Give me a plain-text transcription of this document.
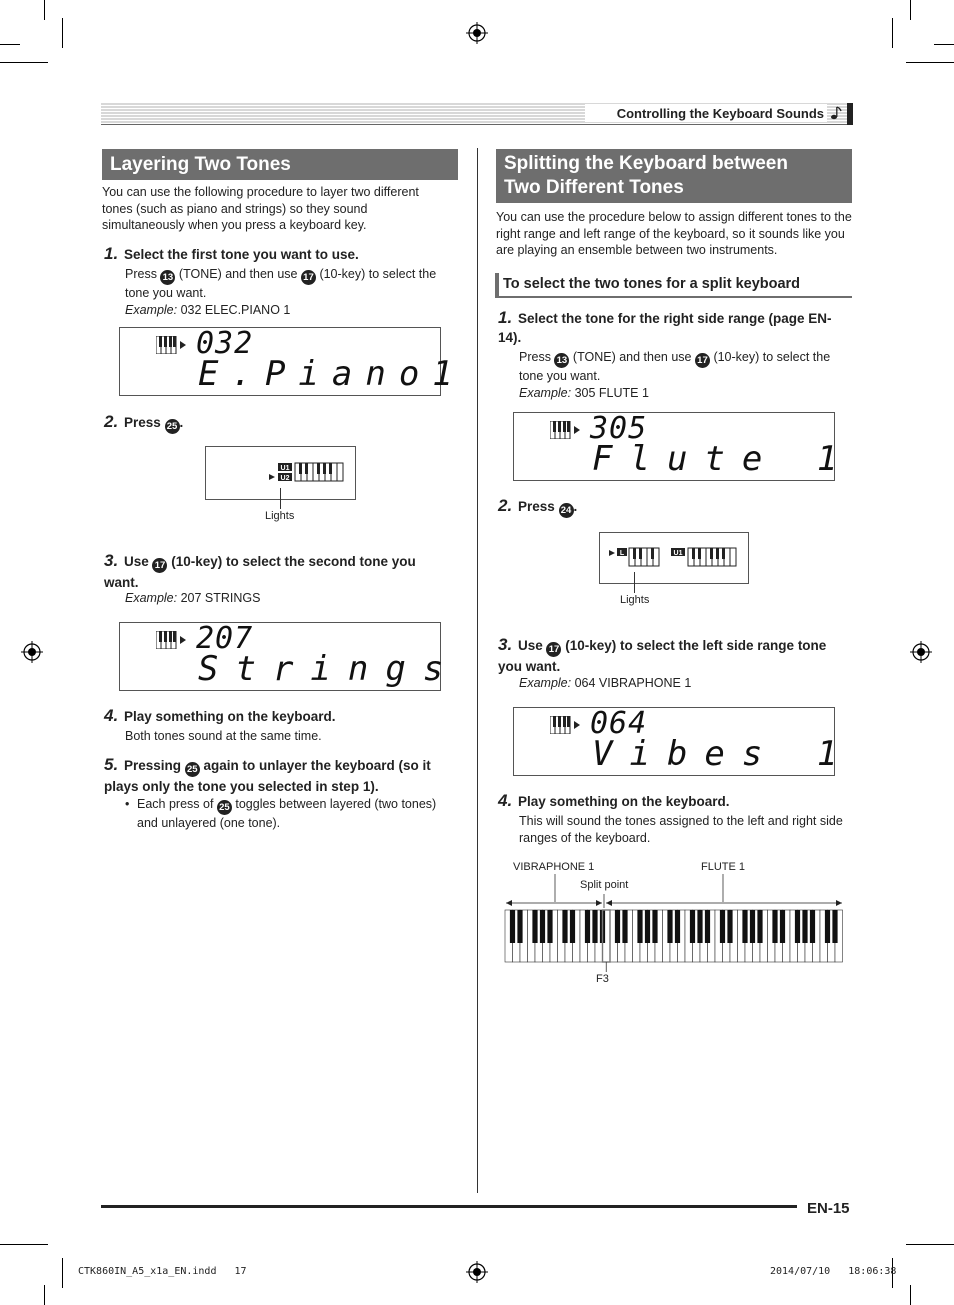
Controlling the Keyboard Sounds
Layering Two Tones
You can use the following procedure to layer two different tones (such as piano and strings) so they sound simultaneously when you press a keyboard key.
1. Select the first tone you want to use.
Press 13 (TONE) and then use 17 (10-key) to select the tone you want.
Example: 032 ELEC.PIANO 1
032
E.Piano1
2. Press 25 .
U1
U2
Lights
3. Use 17 (10-key) to select the second tone you want.
Example: 207 STRINGS
207
Strings
4. Play something on the keyboard.
Both tones sound at the same time.
5. Pressing 25 again to unlayer the keyboard (so it plays only the tone you selected in step 1).
• Each press of 25 toggles between layered (two tones) and unlayered (one tone).
Splitting the Keyboard between
Two Different Tones
You can use the procedure below to assign different tones to the right range and left range of the keyboard, so it sounds like you are playing an ensemble between two instruments.
To select the two tones for a split keyboard
1. Select the tone for the right side range (page EN-14).
Press 13 (TONE) and then use 17 (10-key) to select the tone you want.
Example: 305 FLUTE 1
305
Flute 1
2. Press 24 .
L	U1
Lights
3. Use 17 (10-key) to select the left side range tone you want.
Example: 064 VIBRAPHONE 1
064
Vibes 1
4. Play something on the keyboard.
This will sound the tones assigned to the left and right side ranges of the keyboard.
VIBRAPHONE 1	FLUTE 1
Split point
F3
EN-15
CTK860IN_A5_x1a_EN.indd   17	2014/07/10   18:06:38
